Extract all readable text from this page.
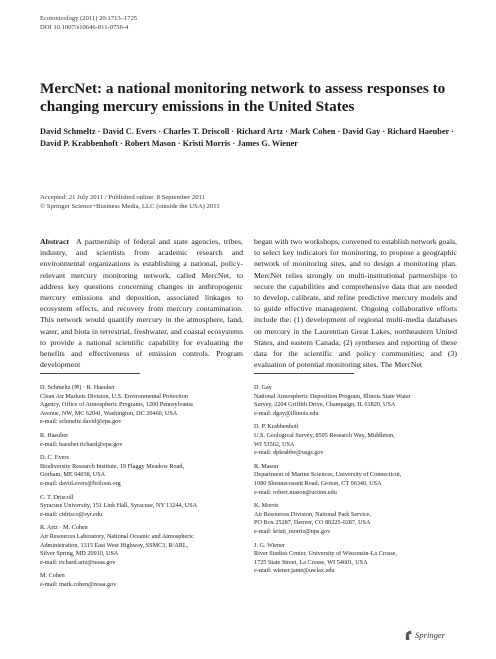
Ecotoxicology (2011) 20:1713–1725
DOI 10.1007/s10646-011-0756-4
MercNet: a national monitoring network to assess responses to changing mercury emissions in the United States
David Schmeltz · David C. Evers · Charles T. Driscoll · Richard Artz · Mark Cohen · David Gay · Richard Haeuber · David P. Krabbenhoft · Robert Mason · Kristi Morris · James G. Wiener
Accepted: 21 July 2011 / Published online: 8 September 2011
© Springer Science+Business Media, LLC (outside the USA) 2011
Abstract A partnership of federal and state agencies, tribes, industry, and scientists from academic research and environmental organizations is establishing a national, policy-relevant mercury monitoring network, called MercNet, to address key questions concerning changes in anthropogenic mercury emissions and deposition, associated linkages to ecosystem effects, and recovery from mercury contamination. This network would quantify mercury in the atmosphere, land, water, and biota in terrestrial, freshwater, and coastal ecosystems to provide a national scientific capability for evaluating the benefits and effectiveness of emission controls. Program development
began with two workshops, convened to establish network goals, to select key indicators for monitoring, to propose a geographic network of monitoring sites, and to design a monitoring plan. MercNet relies strongly on multi-institutional partnerships to secure the capabilities and comprehensive data that are needed to develop, calibrate, and refine predictive mercury models and to guide effective management. Ongoing collaborative efforts include the: (1) development of regional multi-media databases on mercury in the Laurentian Great Lakes, northeastern United States, and eastern Canada; (2) syntheses and reporting of these data for the scientific and policy communities; and (3) evaluation of potential monitoring sites. The MercNet
D. Schmeltz (✉) · R. Haeuber
Clean Air Markets Division, U.S. Environmental Protection
Agency, Office of Atmospheric Programs, 1200 Pennsylvania
Avenue, NW, MC 6204J, Washington, DC 20460, USA
e-mail: schmeltz.david@epa.gov
R. Haeuber
e-mail: haeuber.richard@epa.gov
D. C. Evers
Biodiversity Research Institute, 19 Flaggy Meadow Road,
Gorham, ME 04038, USA
e-mail: david.evers@briloon.org
C. T. Driscoll
Syracuse University, 151 Link Hall, Syracuse, NY 13244, USA
e-mail: ctdrisco@syr.edu
R. Artz · M. Cohen
Air Resources Laboratory, National Oceanic and Atmospheric
Administration, 1315 East West Highway, SSMC3, R/ARL,
Silver Spring, MD 20910, USA
e-mail: richard.artz@noaa.gov
M. Cohen
e-mail: mark.cohen@noaa.gov
D. Gay
National Atmospheric Deposition Program, Illinois State Water
Survey, 2204 Griffith Drive, Champaign, IL 61820, USA
e-mail: dgay@illinois.edu
D. P. Krabbenhoft
U.S. Geological Survey, 8505 Research Way, Middleton,
WI 53562, USA
e-mail: dpkrabbe@usgs.gov
R. Mason
Department of Marine Sciences, University of Connecticut,
1080 Shennecossett Road, Groton, CT 06340, USA
e-mail: robert.mason@uconn.edu
K. Morris
Air Resources Division, National Park Service,
PO Box 25287, Denver, CO 80225-0287, USA
e-mail: kristi_morris@nps.gov
J. G. Wiener
River Studies Center, University of Wisconsin-La Crosse,
1725 State Street, La Crosse, WI 54601, USA
e-mail: wiener.jame@uwlax.edu
Springer
